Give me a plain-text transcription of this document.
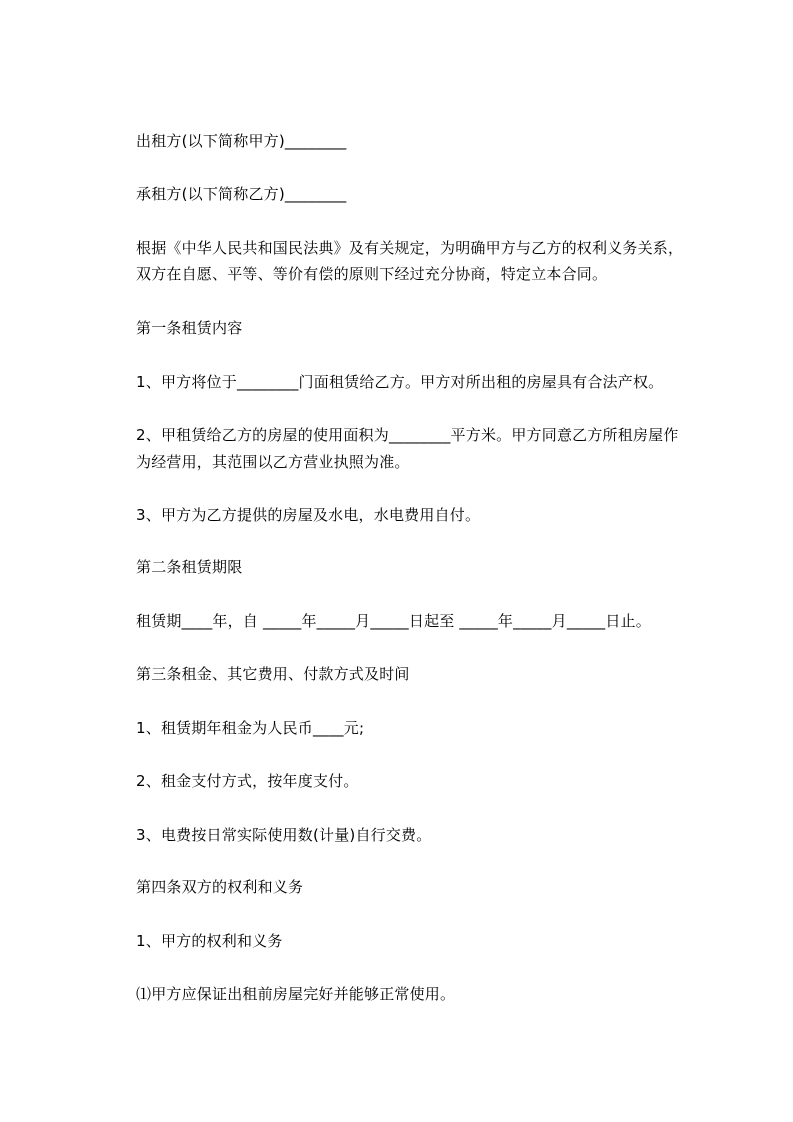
出租方(以下简称甲方)________
承租方(以下简称乙方)________
根据《中华人民共和国民法典》及有关规定，为明确甲方与乙方的权利义务关系，
双方在自愿、平等、等价有偿的原则下经过充分协商，特定立本合同。
第一条租赁内容
1、甲方将位于________门面租赁给乙方。甲方对所出租的房屋具有合法产权。
2、甲租赁给乙方的房屋的使用面积为________平方米。甲方同意乙方所租房屋作
为经营用，其范围以乙方营业执照为准。
3、甲方为乙方提供的房屋及水电，水电费用自付。
第二条租赁期限
租赁期____年，自 _____年_____月_____日起至 _____年_____月_____日止。
第三条租金、其它费用、付款方式及时间
1、租赁期年租金为人民币____元;
2、租金支付方式，按年度支付。
3、电费按日常实际使用数(计量)自行交费。
第四条双方的权利和义务
1、甲方的权利和义务
⑴甲方应保证出租前房屋完好并能够正常使用。
